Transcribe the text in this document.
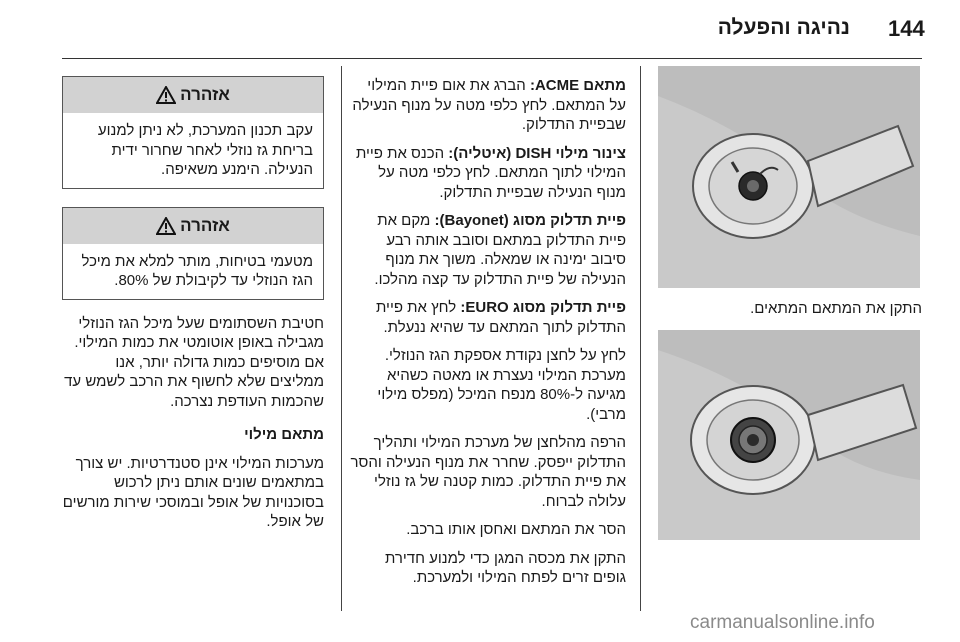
144
נהיגה והפעלה
התקן את המתאם המתאים.

מתאם ACME: הברג את אום פיית המילוי על המתאם. לחץ כלפי מטה על מנוף הנעילה שבפיית התדלוק.

צינור מילוי DISH (איטליה): הכנס את פיית המילוי לתוך המתאם. לחץ כלפי מטה על מנוף הנעילה שבפיית התדלוק.

פיית תדלוק מסוג (Bayonet): מקם את פיית התדלוק במתאם וסובב אותה רבע סיבוב ימינה או שמאלה. משוך את מנוף הנעילה של פיית התדלוק עד קצה מהלכו.

פיית תדלוק מסוג EURO: לחץ את פיית התדלוק לתוך המתאם עד שהיא ננעלת.

לחץ על לחצן נקודת אספקת הגז הנוזלי. מערכת המילוי נעצרת או מאטה כשהיא מגיעה ל-80% מנפח המיכל (מפלס מילוי מרבי).

הרפה מהלחצן של מערכת המילוי ותהליך התדלוק ייפסק. שחרר את מנוף הנעילה והסר את פיית התדלוק. כמות קטנה של גז נוזלי עלולה לברוח.

הסר את המתאם ואחסן אותו ברכב.

התקן את מכסה המגן כדי למנוע חדירת גופים זרים לפתח המילוי ולמערכת.

אזהרה
עקב תכנון המערכת, לא ניתן למנוע בריחת גז נוזלי לאחר שחרור ידית הנעילה. הימנע משאיפה.
אזהרה
מטעמי בטיחות, מותר למלא את מיכל הגז הנוזלי עד לקיבולת של 80%.

חטיבת השסתומים שעל מיכל הגז הנוזלי מגבילה באופן אוטומטי את כמות המילוי. אם מוסיפים כמות גדולה יותר, אנו ממליצים שלא לחשוף את הרכב לשמש עד שהכמות העודפת נצרכה.

מתאם מילוי

מערכות המילוי אינן סטנדרטיות. יש צורך במתאמים שונים אותם ניתן לרכוש בסוכנויות של אופל ובמוסכי שירות מורשים של אופל.

carmanualsonline.info
